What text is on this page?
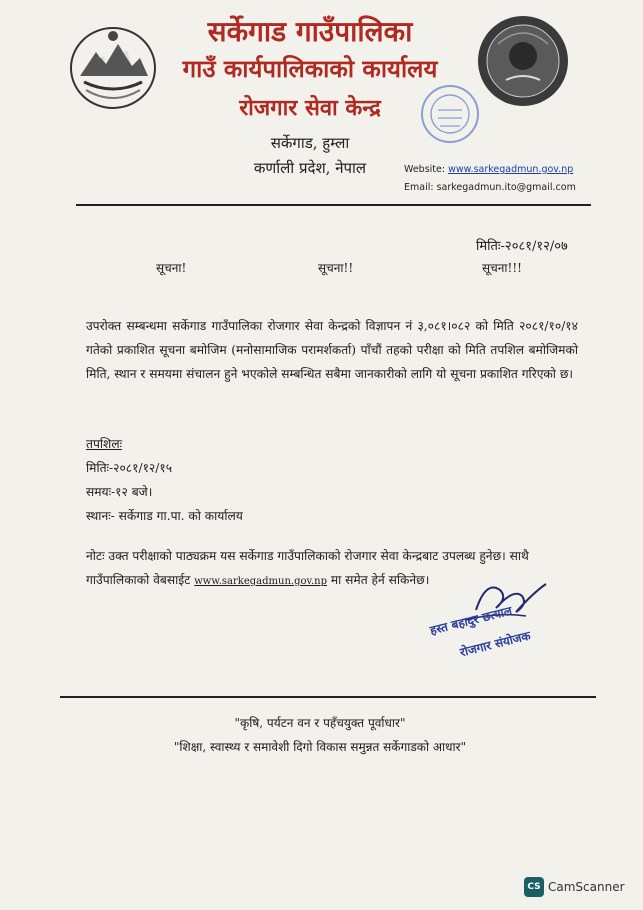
सर्केगाड गाउँपालिका
गाउँ कार्यपालिकाको कार्यालय
रोजगार सेवा केन्द्र
सर्केगाड, हुम्ला
कर्णाली प्रदेश, नेपाल	Website: www.sarkegadmun.gov.np
Email: sarkegadmun.ito@gmail.com
मितिः-२०८१/१२/०७
सूचना!	सूचना!!	सूचना!!!

उपरोक्त सम्बन्धमा सर्केगाड गाउँपालिका रोजगार सेवा केन्द्रको विज्ञापन नं ३,०८१।०८२ को मिति २०८१/१०/१४ गतेको प्रकाशित सूचना बमोजिम (मनोसामाजिक परामर्शकर्ता) पाँचौं तहको परीक्षा को मिति तपशिल बमोजिमको मिति, स्थान र समयमा संचालन हुने भएकोले सम्बन्धित सबैमा जानकारीको लागि यो सूचना प्रकाशित गरिएको छ।

तपशिलः
मितिः-२०८१/१२/१५
समयः-१२ बजे।
स्थानः- सर्केगाड गा.पा. को कार्यालय
नोटः उक्त परीक्षाको पाठ्यक्रम यस सर्केगाड गाउँपालिकाको रोजगार सेवा केन्द्रबाट उपलब्ध हुनेछ। साथै गाउँपालिकाको वेबसाईट www.sarkegadmun.gov.np मा समेत हेर्न सकिनेछ।
हस्त बहादुर छत्याल
रोजगार संयोजक
"कृषि, पर्यटन वन र पहँचयुक्त पूर्वाधार"
"शिक्षा, स्वास्थ्य र समावेशी दिगो विकास समुन्नत सर्केगाडको आधार"
CS CamScanner
